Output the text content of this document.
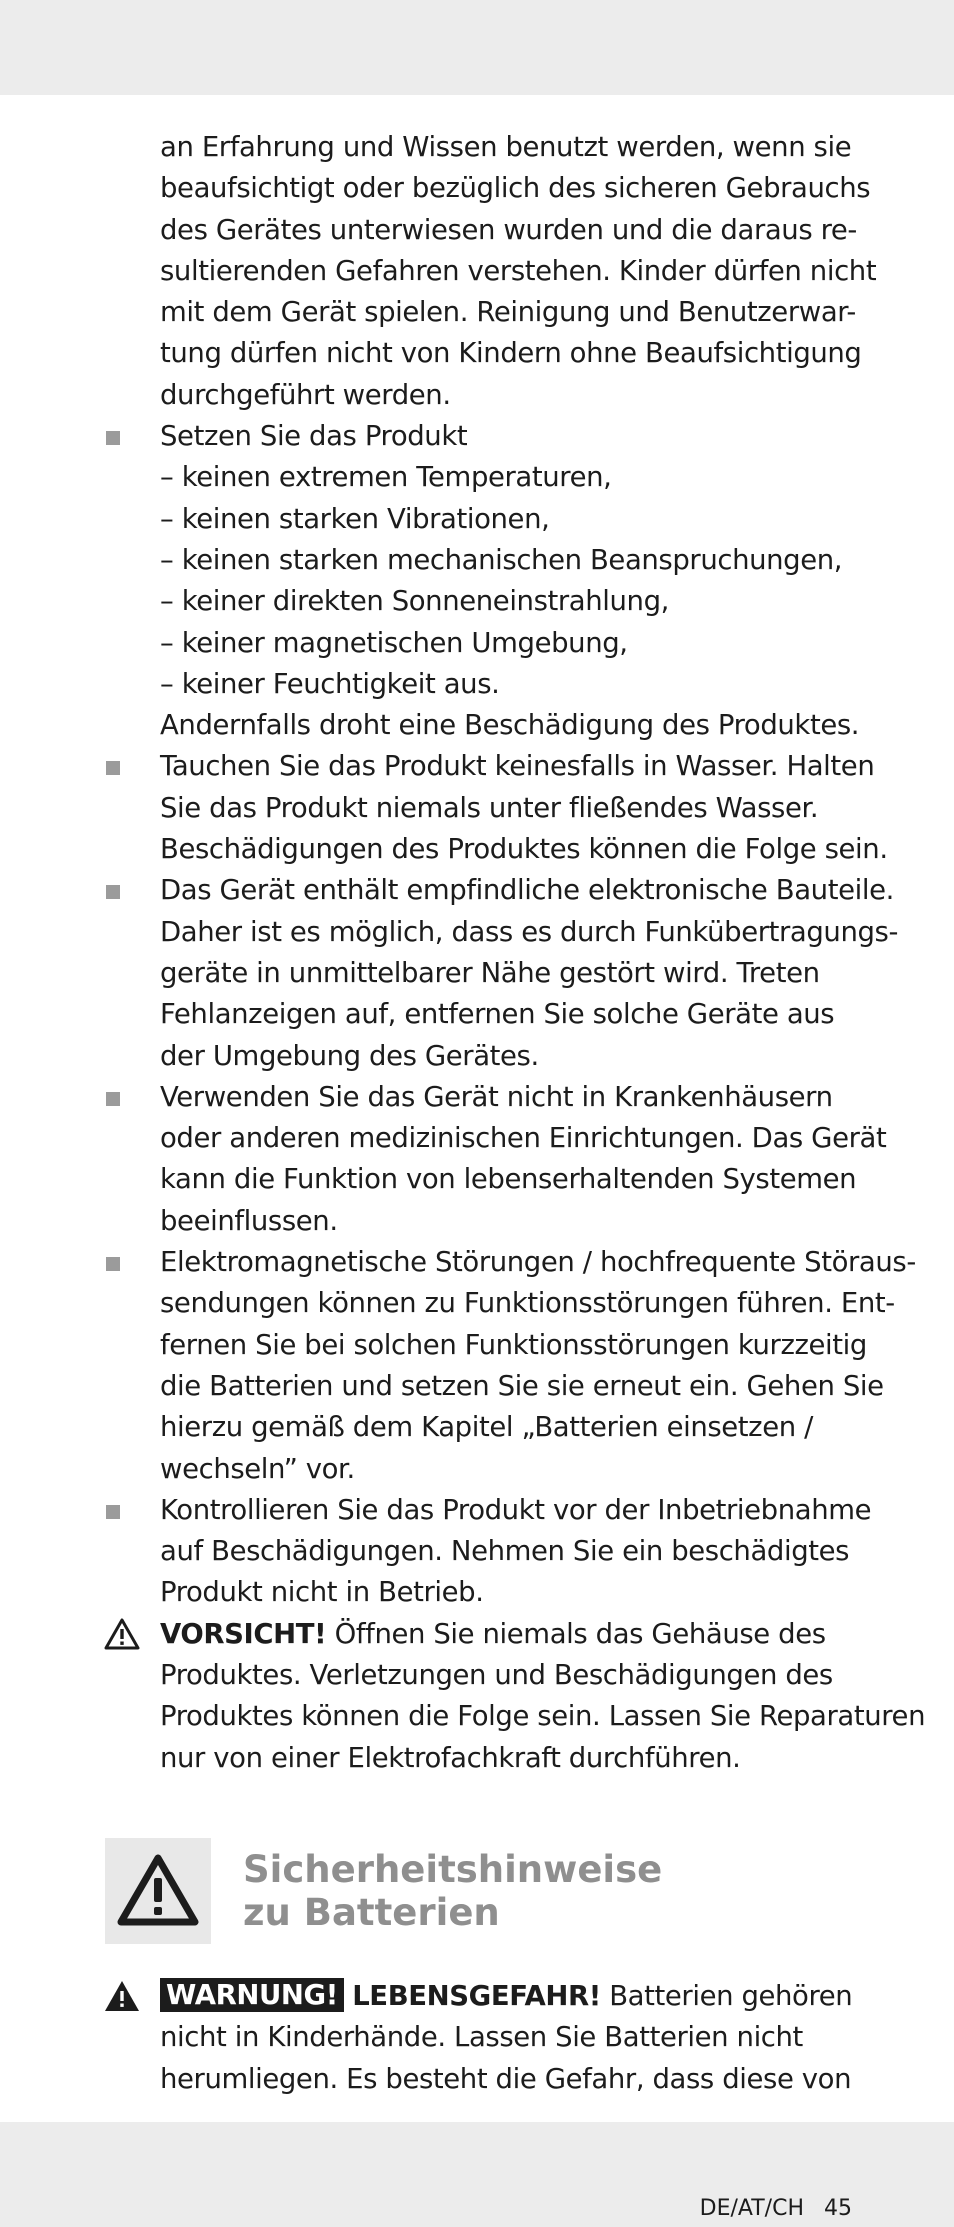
an Erfahrung und Wissen benutzt werden, wenn sie
beaufsichtigt oder bezüglich des sicheren Gebrauchs
des Gerätes unterwiesen wurden und die daraus re-
sultierenden Gefahren verstehen. Kinder dürfen nicht
mit dem Gerät spielen. Reinigung und Benutzerwar-
tung dürfen nicht von Kindern ohne Beaufsichtigung
durchgeführt werden.
Setzen Sie das Produkt
– keinen extremen Temperaturen,
– keinen starken Vibrationen,
– keinen starken mechanischen Beanspruchungen,
– keiner direkten Sonneneinstrahlung,
– keiner magnetischen Umgebung,
– keiner Feuchtigkeit aus.
Andernfalls droht eine Beschädigung des Produktes.
Tauchen Sie das Produkt keinesfalls in Wasser. Halten
Sie das Produkt niemals unter fließendes Wasser.
Beschädigungen des Produktes können die Folge sein.
Das Gerät enthält empfindliche elektronische Bauteile.
Daher ist es möglich, dass es durch Funkübertragungs-
geräte in unmittelbarer Nähe gestört wird. Treten
Fehlanzeigen auf, entfernen Sie solche Geräte aus
der Umgebung des Gerätes.
Verwenden Sie das Gerät nicht in Krankenhäusern
oder anderen medizinischen Einrichtungen. Das Gerät
kann die Funktion von lebenserhaltenden Systemen
beeinflussen.
Elektromagnetische Störungen / hochfrequente Störaus-
sendungen können zu Funktionsstörungen führen. Ent-
fernen Sie bei solchen Funktionsstörungen kurzzeitig
die Batterien und setzen Sie sie erneut ein. Gehen Sie
hierzu gemäß dem Kapitel „Batterien einsetzen /
wechseln” vor.
Kontrollieren Sie das Produkt vor der Inbetriebnahme
auf Beschädigungen. Nehmen Sie ein beschädigtes
Produkt nicht in Betrieb.
VORSICHT! Öffnen Sie niemals das Gehäuse des
Produktes. Verletzungen und Beschädigungen des
Produktes können die Folge sein. Lassen Sie Reparaturen
nur von einer Elektrofachkraft durchführen.
Sicherheitshinweise
zu Batterien
WARNUNG! LEBENSGEFAHR! Batterien gehören
nicht in Kinderhände. Lassen Sie Batterien nicht
herumliegen. Es besteht die Gefahr, dass diese von
DE/AT/CH 45
